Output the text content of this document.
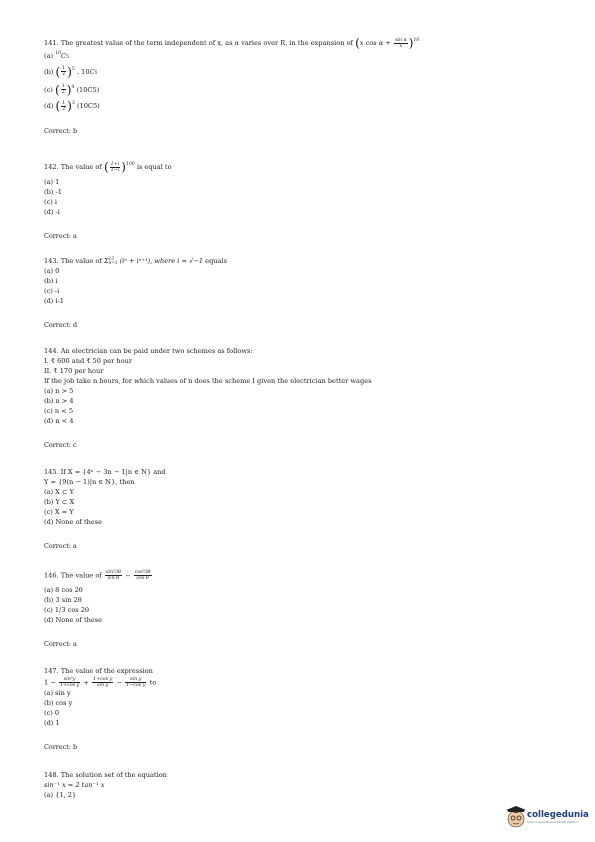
141. The greatest value of the term independent of x, as α varies over R, in the expansion of (x $\cos \alpha + \frac{\text{sin α}}{x} )^{10}$
(a) $^{10}$C5
(b) ( $\frac{1}{2} )^5$ . 10C5
(c) ( $\frac{1}{2} )^4$ (10C5)
(d) ( $\frac{1}{2} )^3$ (10C5)
Correct: b
142. The value of ( $\frac{1+i}{1-i} )^{100}$ is equal to
(a) 1
(b) -1
(c) i
(d) -i
Correct: a
143. The value of Σ 13
n=1 (iⁿ + iⁿ⁺¹), where i = √−1 equals
(a) 0
(b) i
(c) -i
(d) i-1
Correct: d
144. An electrician can be paid under two schemes as follows:
I. ₹ 600 and ₹ 50 per hour
II. ₹ 170 per hour
If the job take n hours, for which values of n does the scheme I given the electrician better wages
(a) n > 5
(b) n > 4
(c) n < 5
(d) n < 4
Correct: c
145. If X = {4ⁿ − 3n − 1|n ∈ N} and
Y = {9(n − 1)|n ∈ N}, then
(a) X ⊂ Y
(b) Y ⊂ X
(c) X = Y
(d) None of these
Correct: a
146. The value of $\frac{\text{sin³3θ}}{\text{sin θ}} - \frac{\text{cos³3θ}}{\text{cos θ}}$
(a) 8 cos 2θ
(b) 3 sin 2θ
(c) 1/3 cos 2θ
(d) None of these
Correct: a
147. The value of the expression
$1 - \frac{\text{sin²y}}{\text{1+cos y}} + \frac{\text{1+cos y}}{\text{sin y}} - \frac{\text{sin y}}{\text{1−cos y}}$ to
(a) sin y
(b) cos y
(c) 0
(d) 1
Correct: b
148. The solution set of the equation
sin⁻¹ x = 2 tan⁻¹ x
(a) {1, 2}
collegedunia
India's largest Student Review Platform
